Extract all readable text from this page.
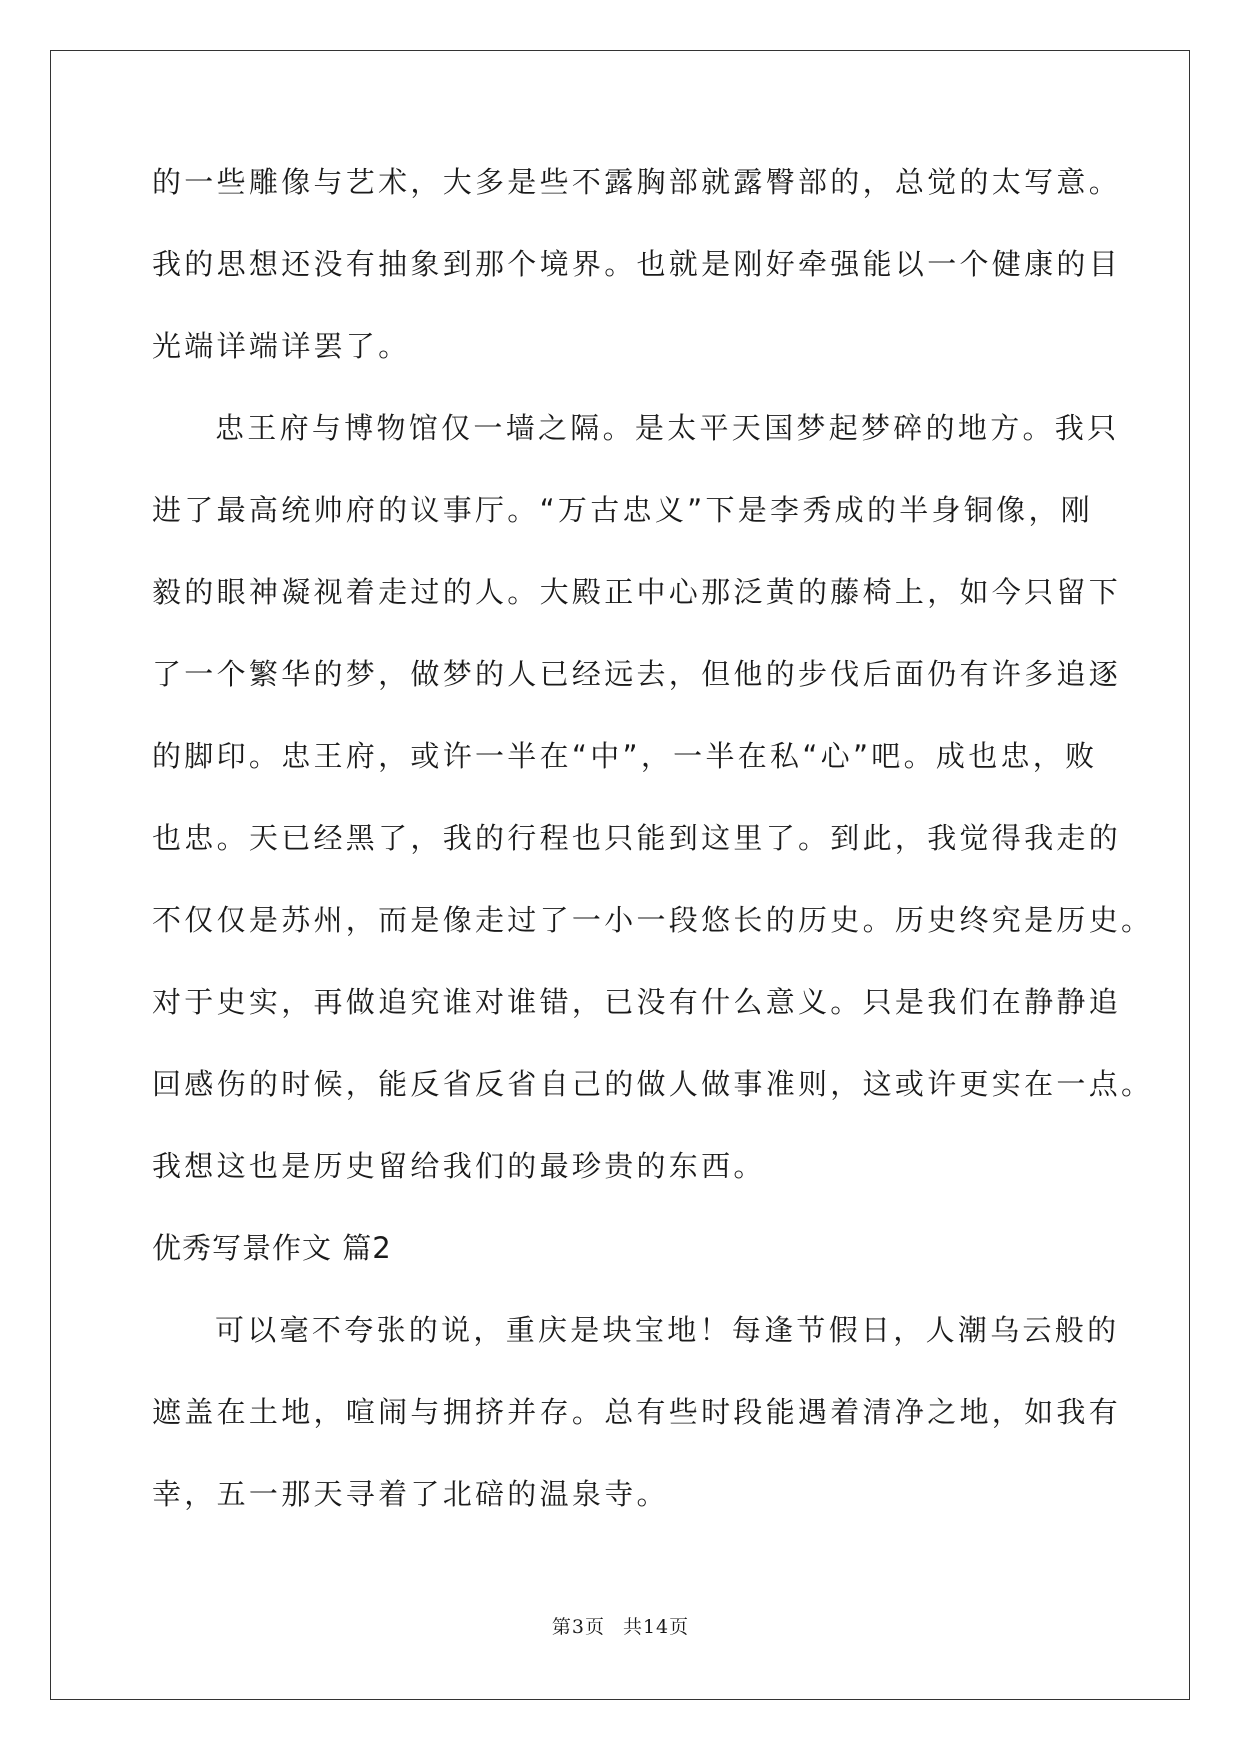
的一些雕像与艺术，大多是些不露胸部就露臀部的，总觉的太写意。
我的思想还没有抽象到那个境界。也就是刚好牵强能以一个健康的目
光端详端详罢了。
忠王府与博物馆仅一墙之隔。是太平天国梦起梦碎的地方。我只
进了最高统帅府的议事厅。“万古忠义”下是李秀成的半身铜像，刚
毅的眼神凝视着走过的人。大殿正中心那泛黄的藤椅上，如今只留下
了一个繁华的梦，做梦的人已经远去，但他的步伐后面仍有许多追逐
的脚印。忠王府，或许一半在“中”，一半在私“心”吧。成也忠，败
也忠。天已经黑了，我的行程也只能到这里了。到此，我觉得我走的
不仅仅是苏州，而是像走过了一小一段悠长的历史。历史终究是历史。
对于史实，再做追究谁对谁错，已没有什么意义。只是我们在静静追
回感伤的时候，能反省反省自己的做人做事准则，这或许更实在一点。
我想这也是历史留给我们的最珍贵的东西。
优秀写景作文 篇2
可以毫不夸张的说，重庆是块宝地！每逢节假日，人潮乌云般的
遮盖在土地，喧闹与拥挤并存。总有些时段能遇着清净之地，如我有
幸，五一那天寻着了北碚的温泉寺。
第3页 共14页
